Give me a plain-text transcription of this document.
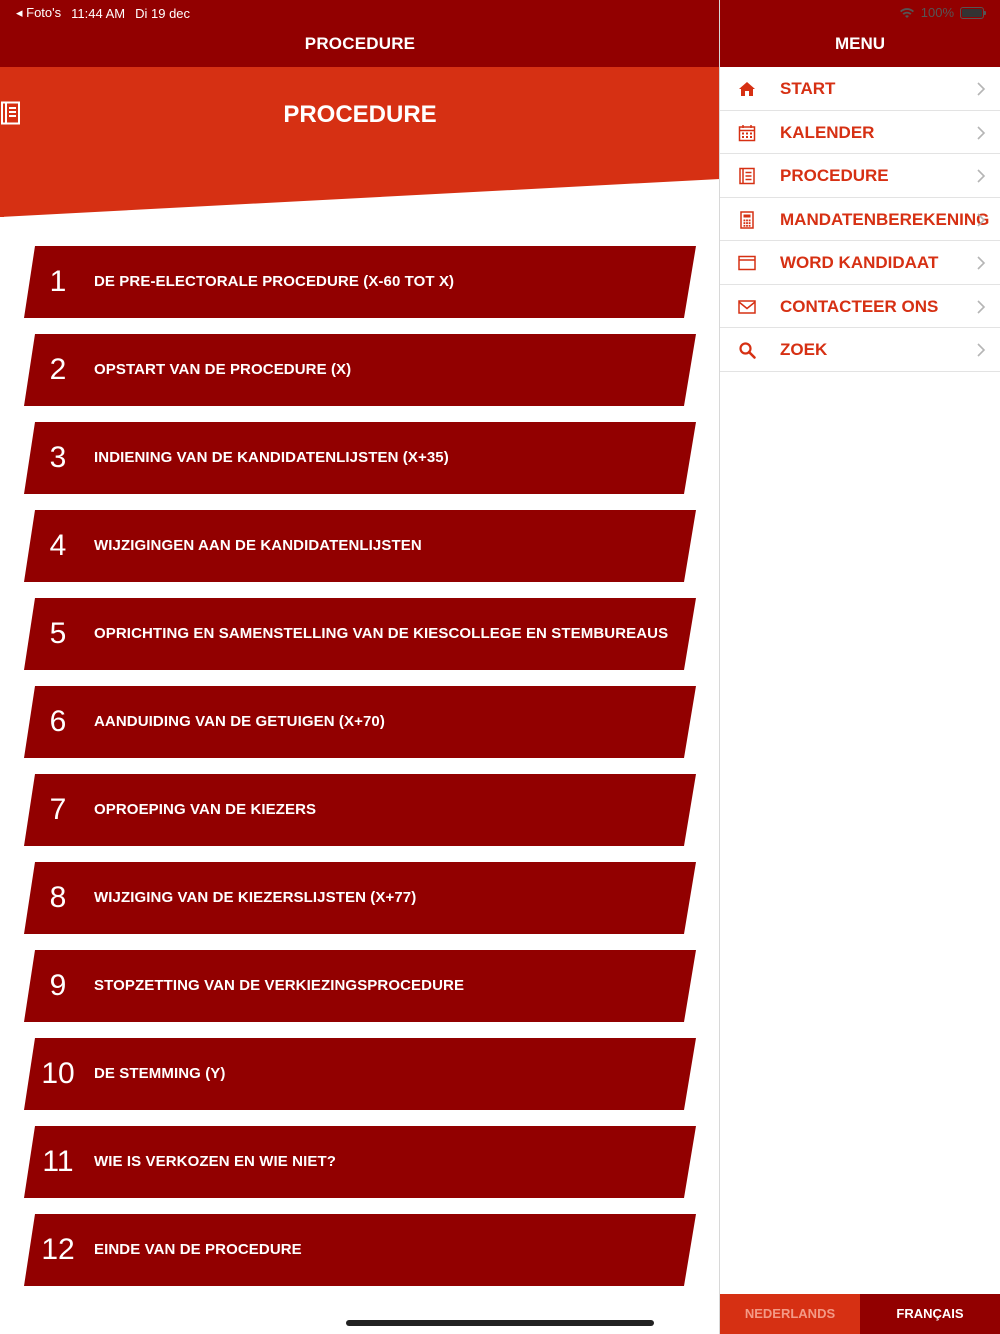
◂ Foto's 11:44 AM Di 19 dec	100%
PROCEDURE
PROCEDURE
1	DE PRE-ELECTORALE PROCEDURE (X-60 TOT X)
2	OPSTART VAN DE PROCEDURE (X)
3	INDIENING VAN DE KANDIDATENLIJSTEN (X+35)
4	WIJZIGINGEN AAN DE KANDIDATENLIJSTEN
5	OPRICHTING EN SAMENSTELLING VAN DE KIESCOLLEGE EN STEMBUREAUS
6	AANDUIDING VAN DE GETUIGEN (X+70)
7	OPROEPING VAN DE KIEZERS
8	WIJZIGING VAN DE KIEZERSLIJSTEN (X+77)
9	STOPZETTING VAN DE VERKIEZINGSPROCEDURE
10	DE STEMMING (Y)
11	WIE IS VERKOZEN EN WIE NIET?
12	EINDE VAN DE PROCEDURE
MENU
START
KALENDER
PROCEDURE
MANDATENBEREKENING
WORD KANDIDAAT
CONTACTEER ONS
ZOEK
NEDERLANDS	FRANÇAIS
